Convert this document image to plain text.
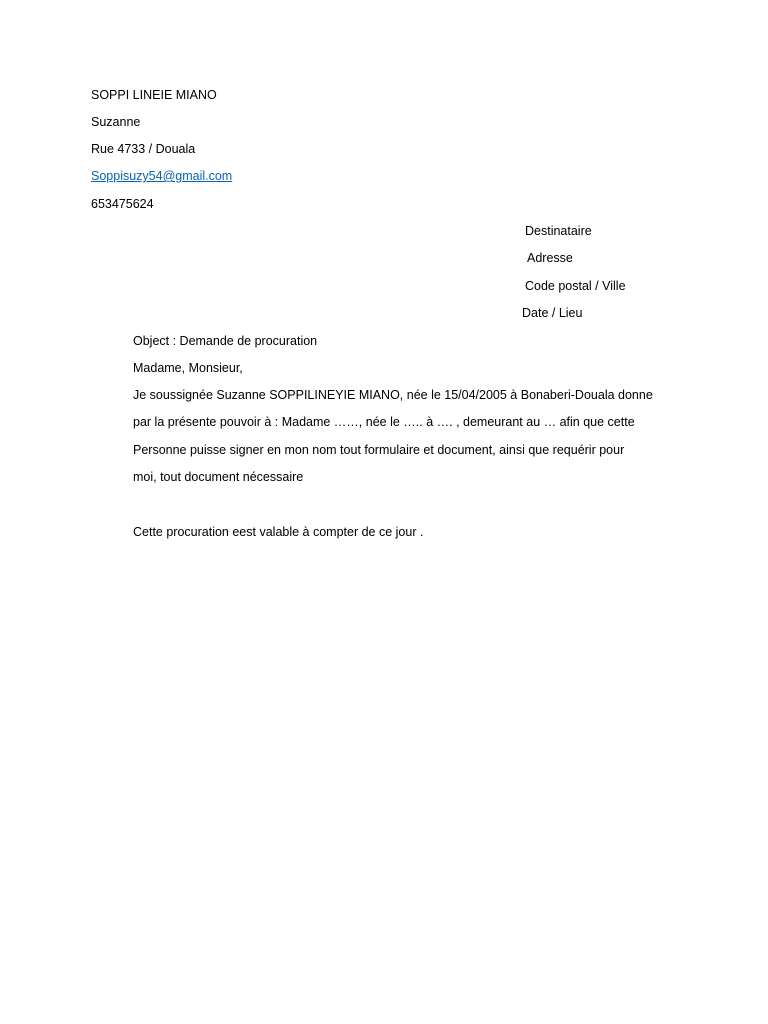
SOPPI LINEIE MIANO
Suzanne
Rue 4733 / Douala
Soppisuzy54@gmail.com
653475624
Destinataire
Adresse
Code postal / Ville
Date / Lieu
Object : Demande de procuration
Madame, Monsieur,
Je soussignée Suzanne SOPPILINEYIE MIANO, née le 15/04/2005 à Bonaberi-Douala donne
par la présente pouvoir à : Madame ……, née le ….. à …. , demeurant au … afin que cette
Personne puisse signer en mon nom tout formulaire et document, ainsi que requérir pour
moi, tout document nécessaire
Cette procuration eest valable à compter de ce jour .
